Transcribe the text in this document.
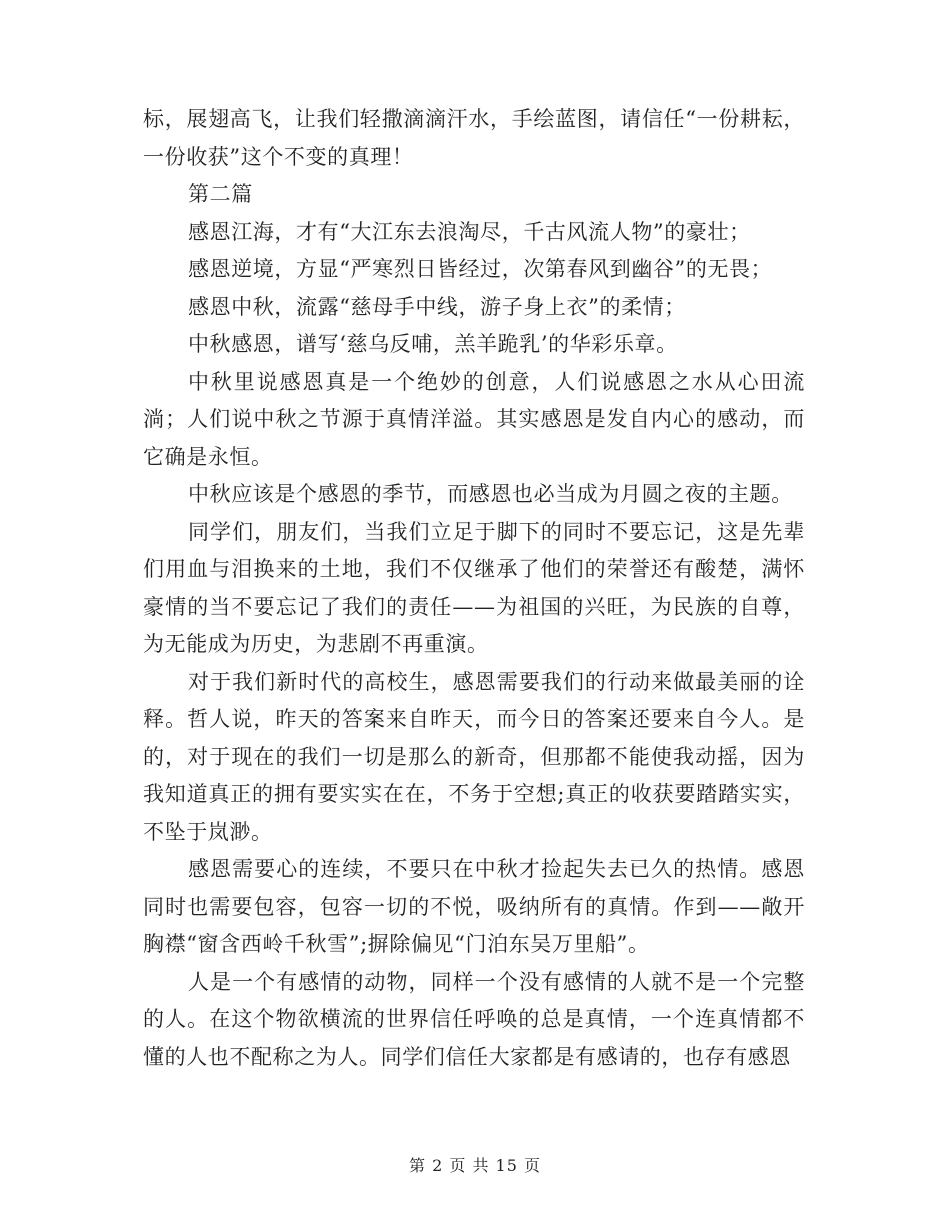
标，展翅高飞，让我们轻撒滴滴汗水，手绘蓝图，请信任“一份耕耘，一份收获”这个不变的真理！

第二篇

感恩江海，才有“大江东去浪淘尽，千古风流人物”的豪壮；

感恩逆境，方显“严寒烈日皆经过，次第春风到幽谷”的无畏；

感恩中秋，流露“慈母手中线，游子身上衣”的柔情；

中秋感恩，谱写‘慈乌反哺，羔羊跪乳’的华彩乐章。

中秋里说感恩真是一个绝妙的创意，人们说感恩之水从心田流淌；人们说中秋之节源于真情洋溢。其实感恩是发自内心的感动，而它确是永恒。

中秋应该是个感恩的季节，而感恩也必当成为月圆之夜的主题。

同学们，朋友们，当我们立足于脚下的同时不要忘记，这是先辈们用血与泪换来的土地，我们不仅继承了他们的荣誉还有酸楚，满怀豪情的当不要忘记了我们的责任——为祖国的兴旺，为民族的自尊，为无能成为历史，为悲剧不再重演。

对于我们新时代的高校生，感恩需要我们的行动来做最美丽的诠释。哲人说，昨天的答案来自昨天，而今日的答案还要来自今人。是的，对于现在的我们一切是那么的新奇，但那都不能使我动摇，因为我知道真正的拥有要实实在在，不务于空想;真正的收获要踏踏实实，不坠于岚渺。

感恩需要心的连续，不要只在中秋才捡起失去已久的热情。感恩同时也需要包容，包容一切的不悦，吸纳所有的真情。作到——敞开胸襟“窗含西岭千秋雪”;摒除偏见“门泊东吴万里船”。

人是一个有感情的动物，同样一个没有感情的人就不是一个完整的人。在这个物欲横流的世界信任呼唤的总是真情，一个连真情都不懂的人也不配称之为人。同学们信任大家都是有感请的，也存有感恩

第 2 页 共 15 页
